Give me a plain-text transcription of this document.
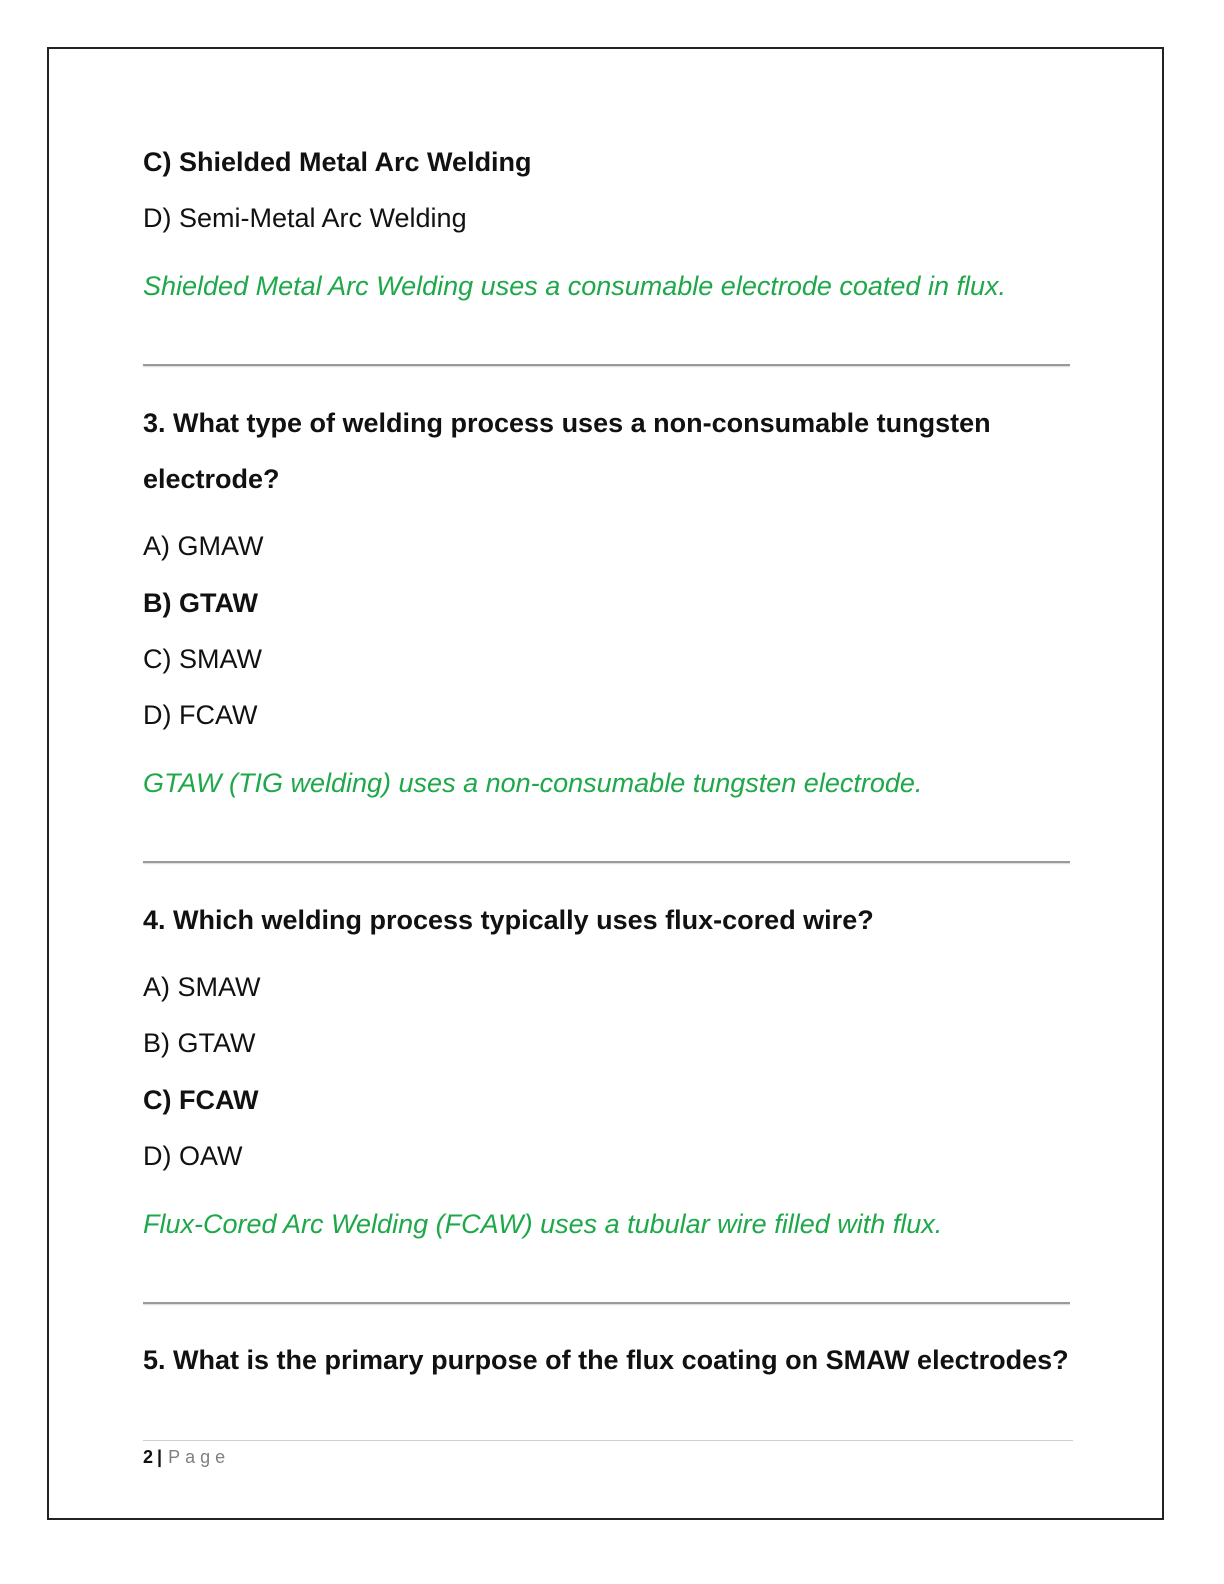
C) Shielded Metal Arc Welding
D) Semi-Metal Arc Welding
Shielded Metal Arc Welding uses a consumable electrode coated in flux.
3. What type of welding process uses a non-consumable tungsten
electrode?
A) GMAW
B) GTAW
C) SMAW
D) FCAW
GTAW (TIG welding) uses a non-consumable tungsten electrode.
4. Which welding process typically uses flux-cored wire?
A) SMAW
B) GTAW
C) FCAW
D) OAW
Flux-Cored Arc Welding (FCAW) uses a tubular wire filled with flux.
5. What is the primary purpose of the flux coating on SMAW electrodes?
2 | Page
